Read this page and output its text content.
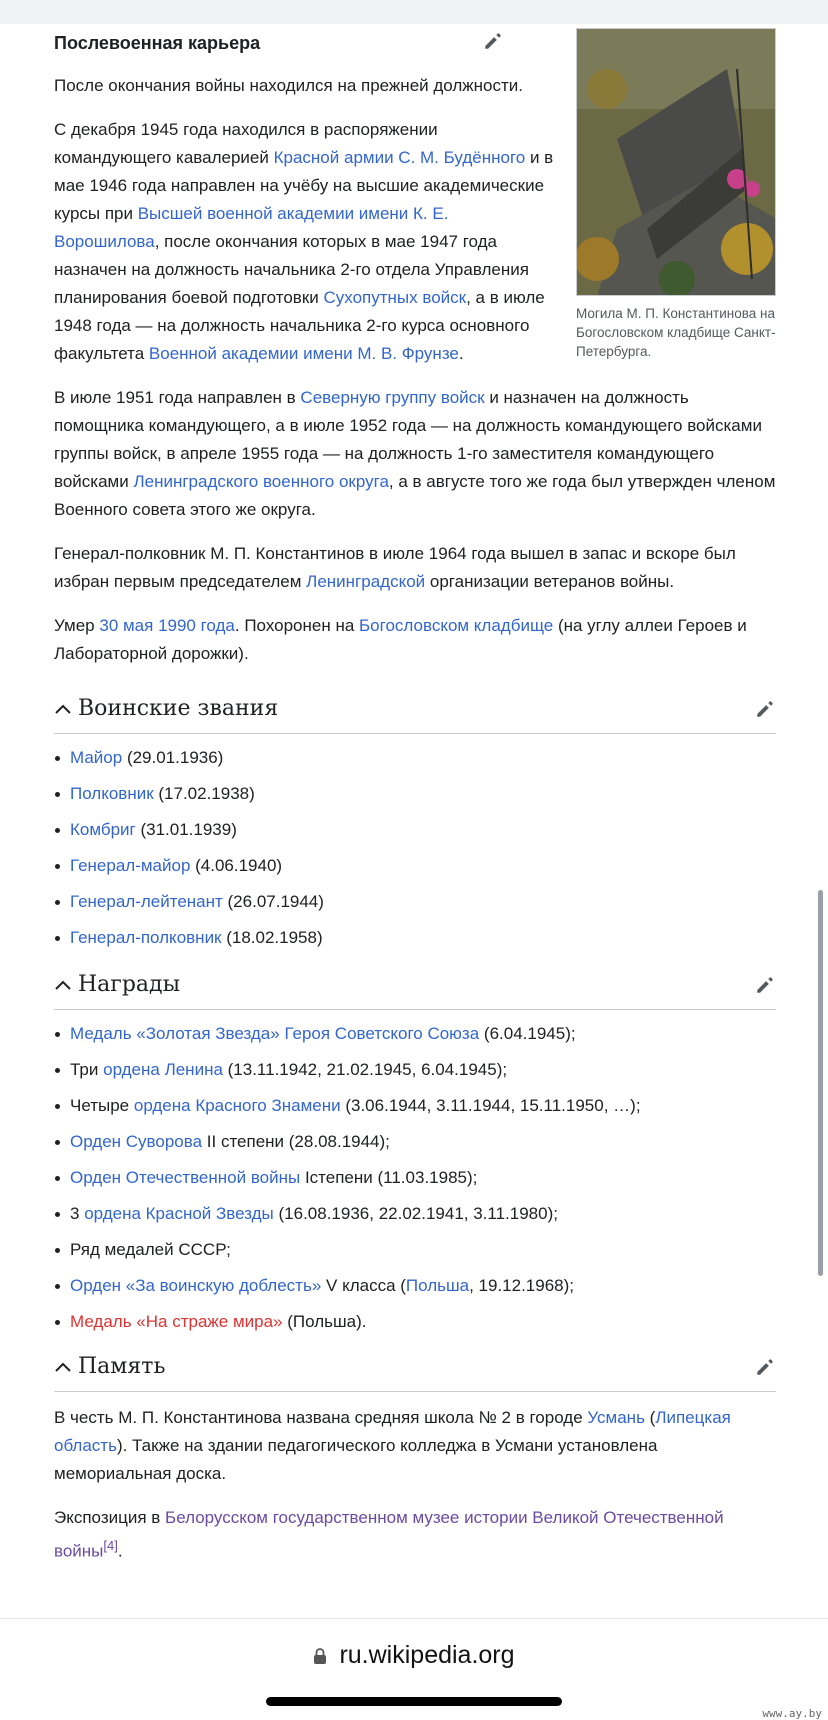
Могила М. П. Константинова на Богословском кладбище Санкт-Петербурга.
Послевоенная карьера

После окончания войны находился на прежней должности.

С декабря 1945 года находился в распоряжении командующего кавалерией Красной армии С. М. Будённого и в мае 1946 года направлен на учёбу на высшие академические курсы при Высшей военной академии имени К. Е. Ворошилова, после окончания которых в мае 1947 года назначен на должность начальника 2-го отдела Управления планирования боевой подготовки Сухопутных войск, а в июле 1948 года — на должность начальника 2-го курса основного факультета Военной академии имени М. В. Фрунзе.

В июле 1951 года направлен в Северную группу войск и назначен на должность помощника командующего, а в июле 1952 года — на должность командующего войсками группы войск, в апреле 1955 года — на должность 1-го заместителя командующего войсками Ленинградского военного округа, а в августе того же года был утвержден членом Военного совета этого же округа.

Генерал-полковник М. П. Константинов в июле 1964 года вышел в запас и вскоре был избран первым председателем Ленинградской организации ветеранов войны.

Умер 30 мая 1990 года. Похоронен на Богословском кладбище (на углу аллеи Героев и Лабораторной дорожки).

Воинские звания
Майор (29.01.1936)
Полковник (17.02.1938)
Комбриг (31.01.1939)
Генерал-майор (4.06.1940)
Генерал-лейтенант (26.07.1944)
Генерал-полковник (18.02.1958)
Награды
Медаль «Золотая Звезда» Героя Советского Союза (6.04.1945);
Три ордена Ленина (13.11.1942, 21.02.1945, 6.04.1945);
Четыре ордена Красного Знамени (3.06.1944, 3.11.1944, 15.11.1950, …);
Орден Суворова II степени (28.08.1944);
Орден Отечественной войны Iстепени (11.03.1985);
3 ордена Красной Звезды (16.08.1936, 22.02.1941, 3.11.1980);
Ряд медалей СССР;
Орден «За воинскую доблесть» V класса (Польша, 19.12.1968);
Медаль «На страже мира» (Польша).
Память

В честь М. П. Константинова названа средняя школа № 2 в городе Усмань (Липецкая область). Также на здании педагогического колледжа в Усмани установлена мемориальная доска.

Экспозиция в Белорусском государственном музее истории Великой Отечественной войны[4].

ru.wikipedia.org
www.ay.by
